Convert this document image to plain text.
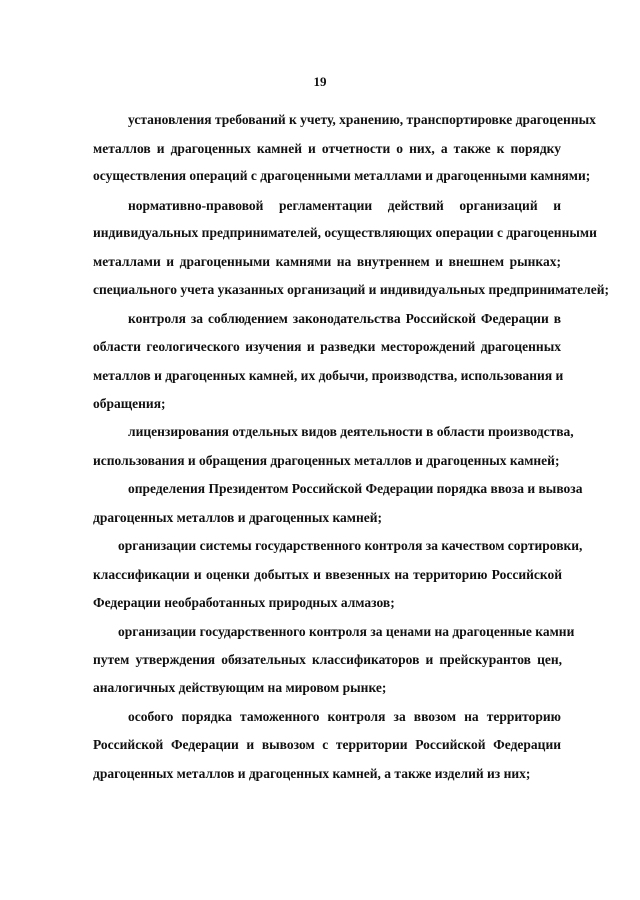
19
установления требований к учету, хранению, транспортировке драгоценных
металлов и драгоценных камней и отчетности о них, а также к порядку
осуществления операций с драгоценными металлами и драгоценными камнями;
нормативно-правовой регламентации действий организаций и
индивидуальных предпринимателей, осуществляющих операции с драгоценными
металлами и драгоценными камнями на внутреннем и внешнем рынках;
специального учета указанных организаций и индивидуальных предпринимателей;
контроля за соблюдением законодательства Российской Федерации в
области геологического изучения и разведки месторождений драгоценных
металлов и драгоценных камней, их добычи, производства, использования и
обращения;
лицензирования отдельных видов деятельности в области производства,
использования и обращения драгоценных металлов и драгоценных камней;
определения Президентом Российской Федерации порядка ввоза и вывоза
драгоценных металлов и драгоценных камней;
организации системы государственного контроля за качеством сортировки,
классификации и оценки добытых и ввезенных на территорию Российской
Федерации необработанных природных алмазов;
организации государственного контроля за ценами на драгоценные камни
путем утверждения обязательных классификаторов и прейскурантов цен,
аналогичных действующим на мировом рынке;
особого порядка таможенного контроля за ввозом на территорию
Российской Федерации и вывозом с территории Российской Федерации
драгоценных металлов и драгоценных камней, а также изделий из них;
